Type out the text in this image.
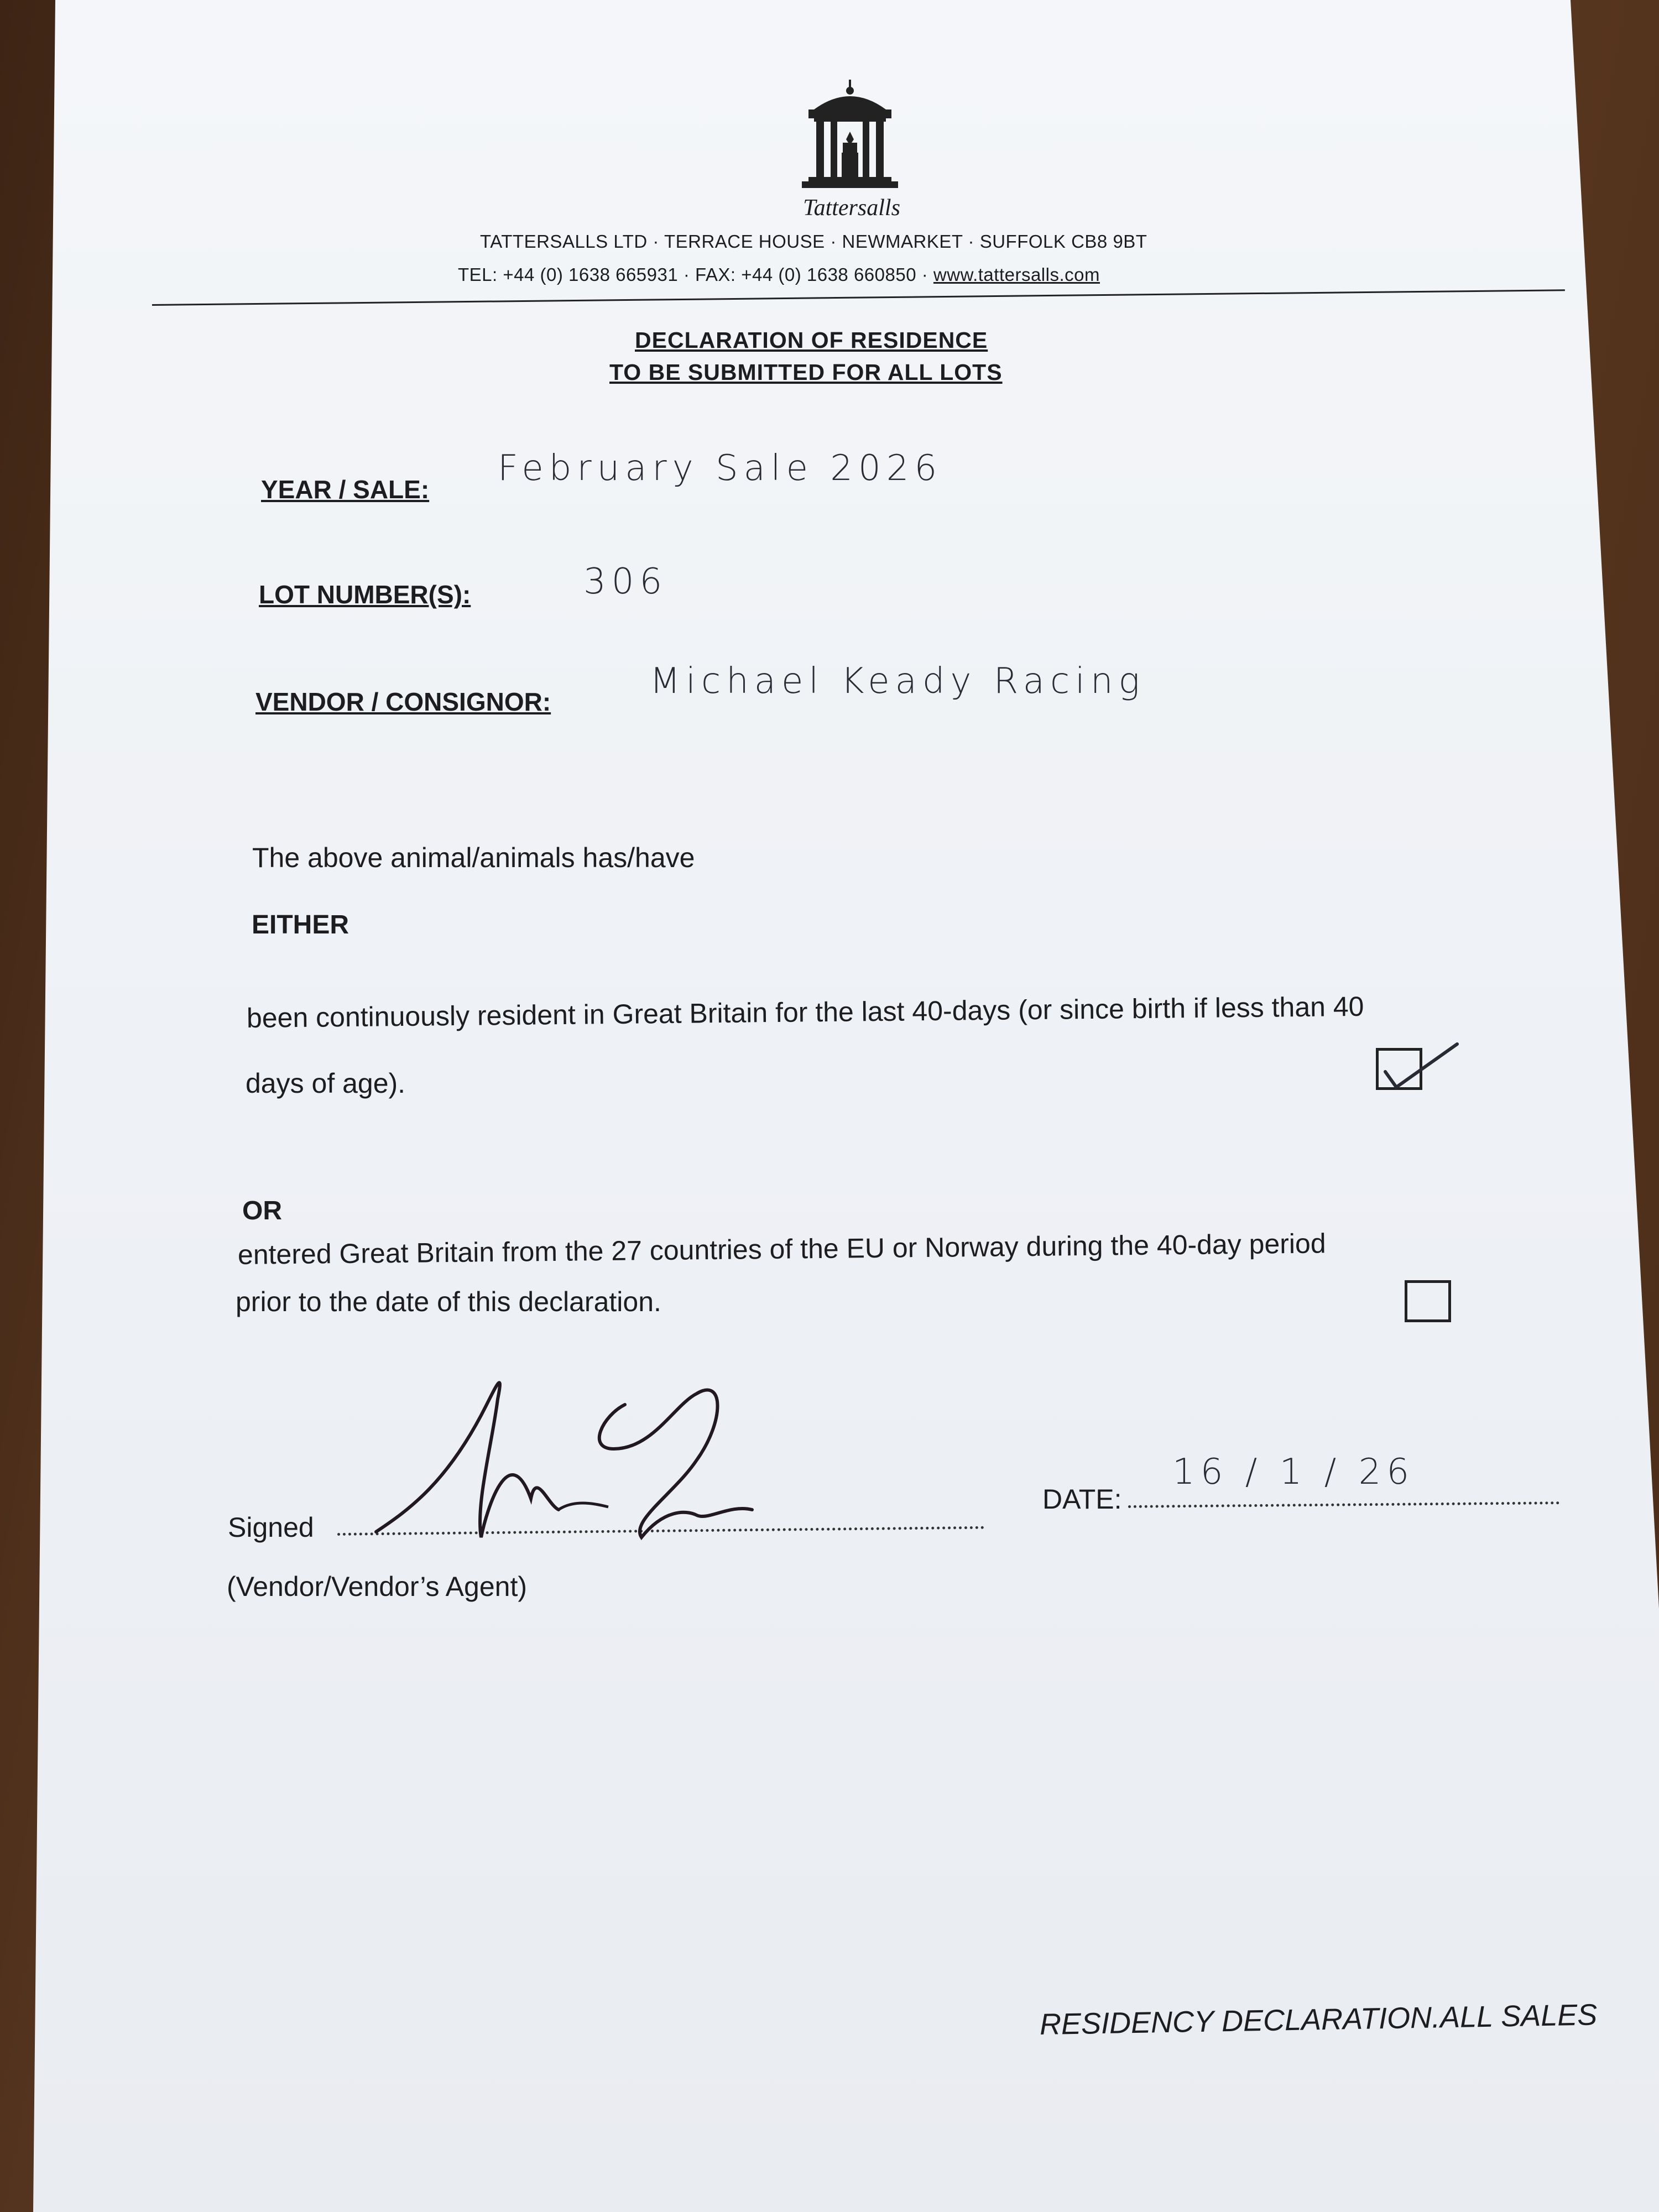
Tattersalls
TATTERSALLS LTD · TERRACE HOUSE · NEWMARKET · SUFFOLK CB8 9BT
TEL: +44 (0) 1638 665931 · FAX: +44 (0) 1638 660850 · www.tattersalls.com
DECLARATION OF RESIDENCE
TO BE SUBMITTED FOR ALL LOTS
YEAR / SALE:
February Sale 2026
LOT NUMBER(S):	306
VENDOR / CONSIGNOR:	Michael Keady Racing
The above animal/animals has/have
EITHER
been continuously resident in Great Britain for the last 40-days (or since birth if less than 40
days of age).
OR
entered Great Britain from the 27 countries of the EU or Norway during the 40-day period
prior to the date of this declaration.
Signed
(Vendor/Vendor’s Agent)
DATE:
16 / 1 / 26
RESIDENCY DECLARATION.ALL SALES
